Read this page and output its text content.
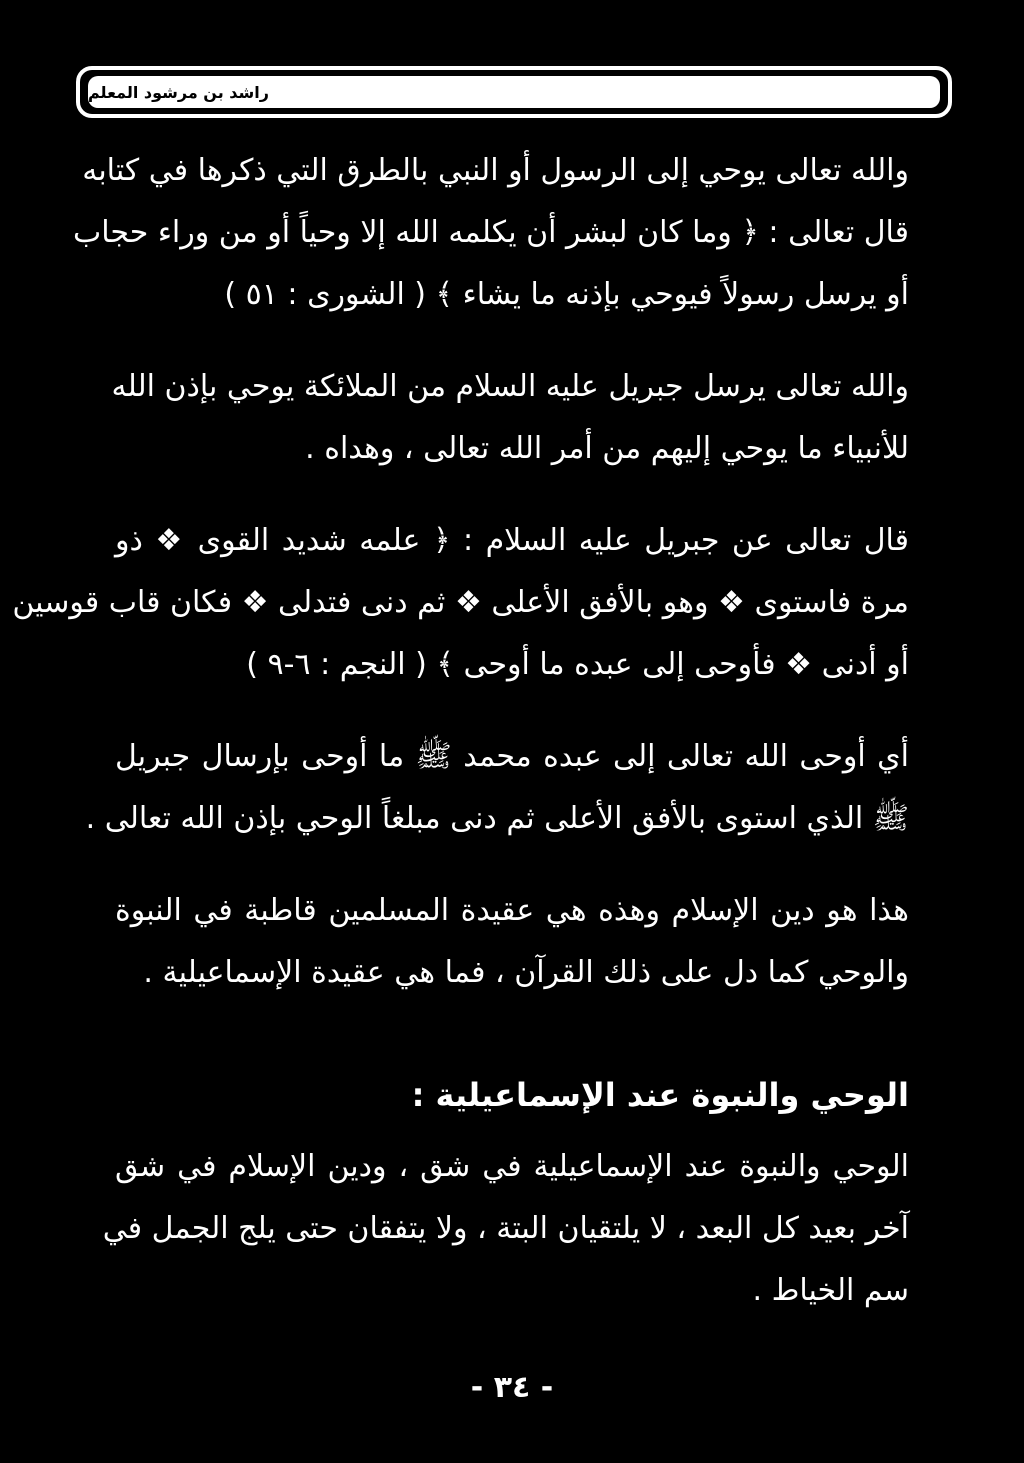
راشد بن مرشود المعلم
والله تعالى يوحي إلى الرسول أو النبي بالطرق التي ذكرها في كتابه
قال تعالى : ﴿ وما كان لبشر أن يكلمه الله إلا وحياً أو من وراء حجاب
أو يرسل رسولاً فيوحي بإذنه ما يشاء ﴾ ( الشورى : ٥١ )
والله تعالى يرسل جبريل عليه السلام من الملائكة يوحي بإذن الله
للأنبياء ما يوحي إليهم من أمر الله تعالى ، وهداه .
قال تعالى عن جبريل عليه السلام : ﴿ علمه شديد القوى ❖ ذو
مرة فاستوى ❖ وهو بالأفق الأعلى ❖ ثم دنى فتدلى ❖ فكان قاب قوسين
أو أدنى ❖ فأوحى إلى عبده ما أوحى ﴾ ( النجم : ٦-٩ )
أي أوحى الله تعالى إلى عبده محمد ﷺ ما أوحى بإرسال جبريل
ﷺ الذي استوى بالأفق الأعلى ثم دنى مبلغاً الوحي بإذن الله تعالى .
هذا هو دين الإسلام وهذه هي عقيدة المسلمين قاطبة في النبوة
والوحي كما دل على ذلك القرآن ، فما هي عقيدة الإسماعيلية .
الوحي والنبوة عند الإسماعيلية :
الوحي والنبوة عند الإسماعيلية في شق ، ودين الإسلام في شق
آخر بعيد كل البعد ، لا يلتقيان البتة ، ولا يتفقان حتى يلج الجمل في
سم الخياط .
- ٣٤ -
